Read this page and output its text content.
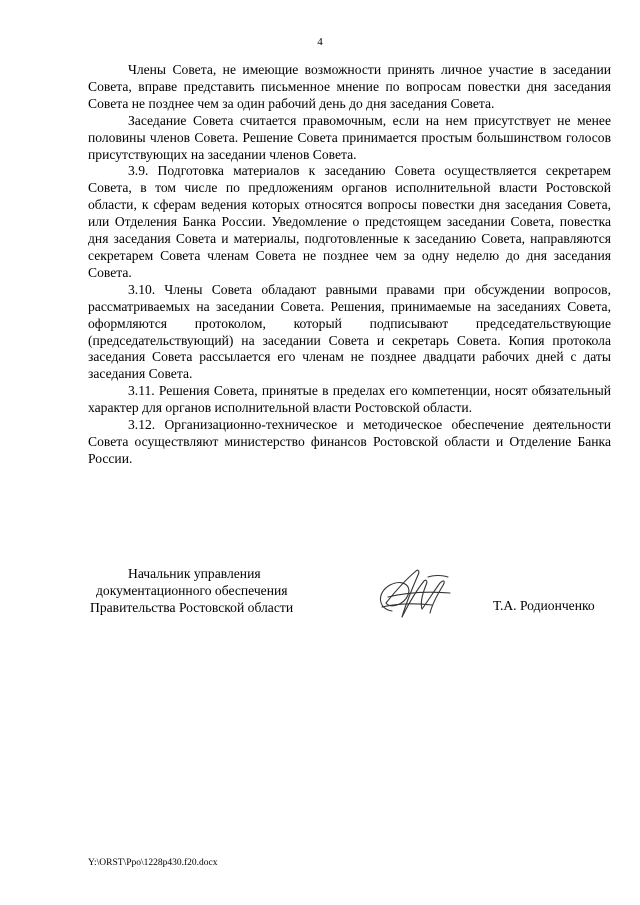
4

Члены Совета, не имеющие возможности принять личное участие в заседании Совета, вправе представить письменное мнение по вопросам повестки дня заседания Совета не позднее чем за один рабочий день до дня заседания Совета.

Заседание Совета считается правомочным, если на нем присутствует не менее половины членов Совета. Решение Совета принимается простым большинством голосов присутствующих на заседании членов Совета.

3.9. Подготовка материалов к заседанию Совета осуществляется секретарем Совета, в том числе по предложениям органов исполнительной власти Ростовской области, к сферам ведения которых относятся вопросы повестки дня заседания Совета, или Отделения Банка России. Уведомление о предстоящем заседании Совета, повестка дня заседания Совета и материалы, подготовленные к заседанию Совета, направляются секретарем Совета членам Совета не позднее чем за одну неделю до дня заседания Совета.

3.10. Члены Совета обладают равными правами при обсуждении вопросов, рассматриваемых на заседании Совета. Решения, принимаемые на заседаниях Совета, оформляются протоколом, который подписывают председательствующие (председательствующий) на заседании Совета и секретарь Совета. Копия протокола заседания Совета рассылается его членам не позднее двадцати рабочих дней с даты заседания Совета.

3.11. Решения Совета, принятые в пределах его компетенции, носят обязательный характер для органов исполнительной власти Ростовской области.

3.12. Организационно-техническое и методическое обеспечение деятельности Совета осуществляют министерство финансов Ростовской области и Отделение Банка России.

Начальник управления
документационного обеспечения
Правительства Ростовской области	Т.А. Родионченко
Y:\ORST\Ppo\1228p430.f20.docx
